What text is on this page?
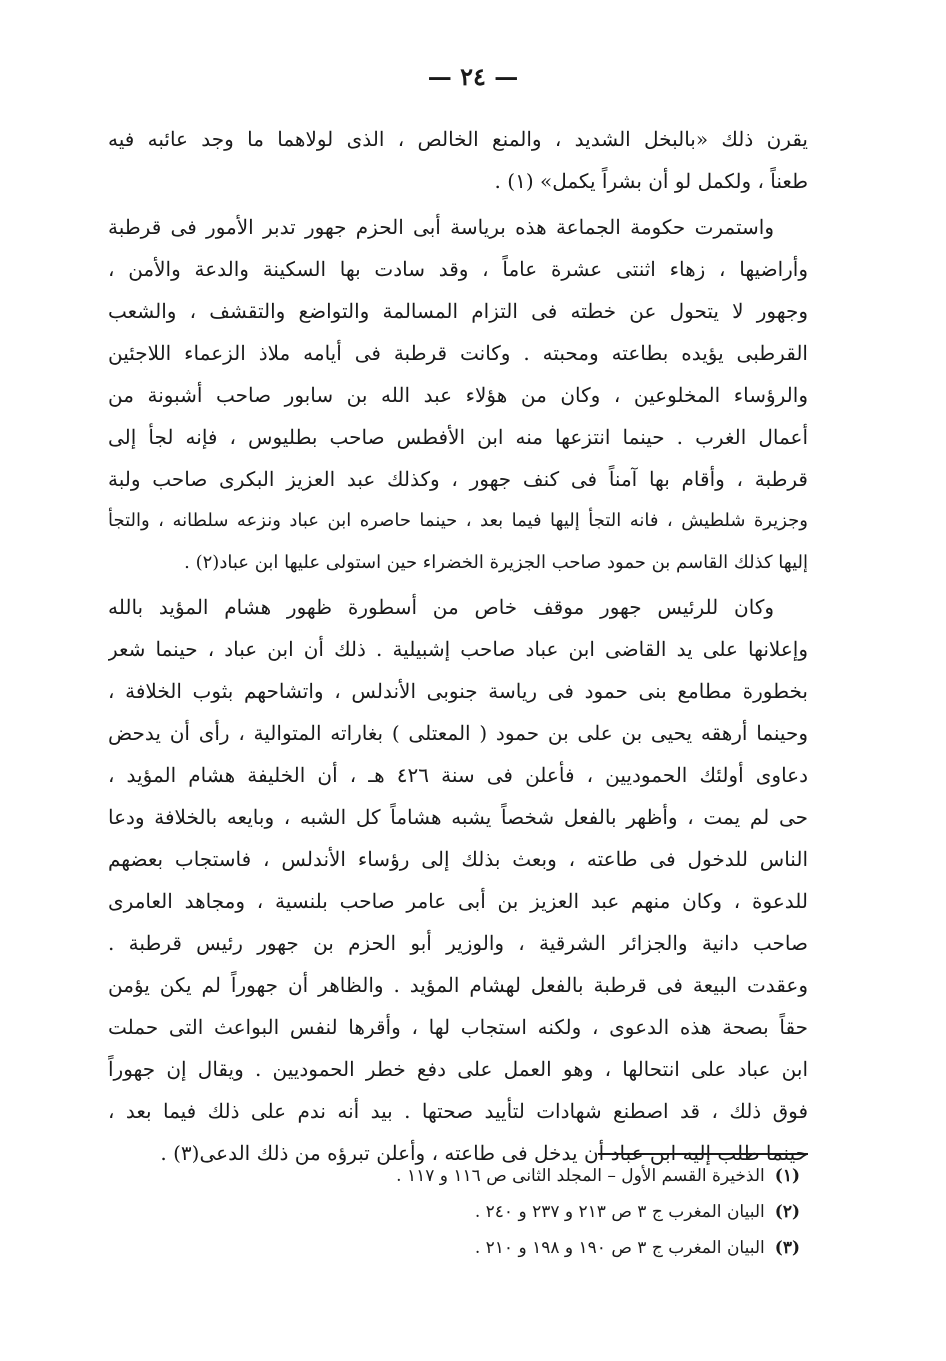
— ٢٤ —
يقرن ذلك «بالبخل الشديد ، والمنع الخالص ، الذى لولاهما ما وجد عائبه فيه
طعناً ، ولكمل لو أن بشراً يكمل» (١) .
واستمرت حكومة الجماعة هذه برياسة أبى الحزم جهور تدبر الأمور فى قرطبة
وأراضيها ، زهاء اثنتى عشرة عاماً ، وقد سادت بها السكينة والدعة والأمن ،
وجهور لا يتحول عن خطته فى التزام المسالمة والتواضع والتقشف ، والشعب
القرطبى يؤيده بطاعته ومحبته . وكانت قرطبة فى أيامه ملاذ الزعماء اللاجئين
والرؤساء المخلوعين ، وكان من هؤلاء عبد الله بن سابور صاحب أشبونة من
أعمال الغرب . حينما انتزعها منه ابن الأفطس صاحب بطليوس ، فإنه لجأ إلى
قرطبة ، وأقام بها آمناً فى كنف جهور ، وكذلك عبد العزيز البكرى صاحب ولبة
وجزيرة شلطيش ، فانه التجأ إليها فيما بعد ، حينما حاصره ابن عباد ونزعه سلطانه ، والتجأ
إليها كذلك القاسم بن حمود صاحب الجزيرة الخضراء حين استولى عليها ابن عباد(٢) .
وكان للرئيس جهور موقف خاص من أسطورة ظهور هشام المؤيد بالله
وإعلانها على يد القاضى ابن عباد صاحب إشبيلية . ذلك أن ابن عباد ، حينما شعر
بخطورة مطامع بنى حمود فى رياسة جنوبى الأندلس ، واتشاحهم بثوب الخلافة ،
وحينما أرهقه يحيى بن على بن حمود ( المعتلى ) بغاراته المتوالية ، رأى أن يدحض
دعاوى أولئك الحموديين ، فأعلن فى سنة ٤٢٦ هـ ، أن الخليفة هشام المؤيد ،
حى لم يمت ، وأظهر بالفعل شخصاً يشبه هشاماً كل الشبه ، وبايعه بالخلافة ودعا
الناس للدخول فى طاعته ، وبعث بذلك إلى رؤساء الأندلس ، فاستجاب بعضهم
للدعوة ، وكان منهم عبد العزيز بن أبى عامر صاحب بلنسية ، ومجاهد العامرى
صاحب دانية والجزائر الشرقية ، والوزير أبو الحزم بن جهور رئيس قرطبة .
وعقدت البيعة فى قرطبة بالفعل لهشام المؤيد . والظاهر أن جهوراً لم يكن يؤمن
حقاً بصحة هذه الدعوى ، ولكنه استجاب لها ، وأقرها لنفس البواعث التى حملت
ابن عباد على انتحالها ، وهو العمل على دفع خطر الحموديين . ويقال إن جهوراً
فوق ذلك ، قد اصطنع شهادات لتأييد صحتها . بيد أنه ندم على ذلك فيما بعد ،
حينما طلب إليه ابن عباد أن يدخل فى طاعته ، وأعلن تبرؤه من ذلك الدعى(٣) .
(١)الذخيرة القسم الأول – المجلد الثانى ص ١١٦ و ١١٧ .
(٢)البيان المغرب ج ٣ ص ٢١٣ و ٢٣٧ و ٢٤٠ .
(٣)البيان المغرب ج ٣ ص ١٩٠ و ١٩٨ و ٢١٠ .
